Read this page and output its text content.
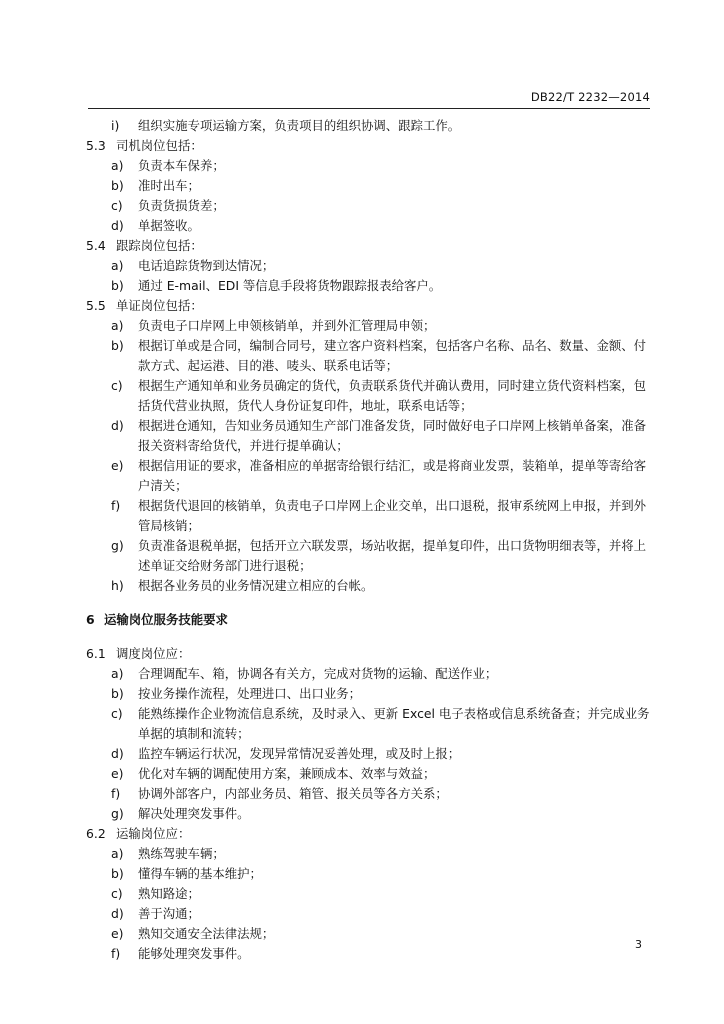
DB22/T 2232—2014
i)	组织实施专项运输方案，负责项目的组织协调、跟踪工作。
5.3 司机岗位包括：
a)	负责本车保养；
b)	准时出车；
c)	负责货损货差；
d)	单据签收。
5.4 跟踪岗位包括：
a)	电话追踪货物到达情况；
b)	通过 E-mail、EDI 等信息手段将货物跟踪报表给客户。
5.5 单证岗位包括：
a)	负责电子口岸网上申领核销单，并到外汇管理局申领；
b)	根据订单或是合同，编制合同号，建立客户资料档案，包括客户名称、品名、数量、金额、付款方式、起运港、目的港、唛头、联系电话等；
c)	根据生产通知单和业务员确定的货代，负责联系货代并确认费用，同时建立货代资料档案，包括货代营业执照，货代人身份证复印件，地址，联系电话等；
d)	根据进仓通知，告知业务员通知生产部门准备发货，同时做好电子口岸网上核销单备案，准备报关资料寄给货代，并进行提单确认；
e)	根据信用证的要求，准备相应的单据寄给银行结汇，或是将商业发票，装箱单，提单等寄给客户清关；
f)	根据货代退回的核销单，负责电子口岸网上企业交单，出口退税，报审系统网上申报，并到外管局核销；
g)	负责准备退税单据，包括开立六联发票，场站收据，提单复印件，出口货物明细表等，并将上述单证交给财务部门进行退税；
h)	根据各业务员的业务情况建立相应的台帐。
6 运输岗位服务技能要求
6.1 调度岗位应：
a)	合理调配车、箱，协调各有关方，完成对货物的运输、配送作业；
b)	按业务操作流程，处理进口、出口业务；
c)	能熟练操作企业物流信息系统，及时录入、更新 Excel 电子表格或信息系统备查；并完成业务单据的填制和流转；
d)	监控车辆运行状况，发现异常情况妥善处理，或及时上报；
e)	优化对车辆的调配使用方案，兼顾成本、效率与效益；
f)	协调外部客户，内部业务员、箱管、报关员等各方关系；
g)	解决处理突发事件。
6.2 运输岗位应：
a)	熟练驾驶车辆；
b)	懂得车辆的基本维护；
c)	熟知路途；
d)	善于沟通；
e)	熟知交通安全法律法规；
f)	能够处理突发事件。
3
